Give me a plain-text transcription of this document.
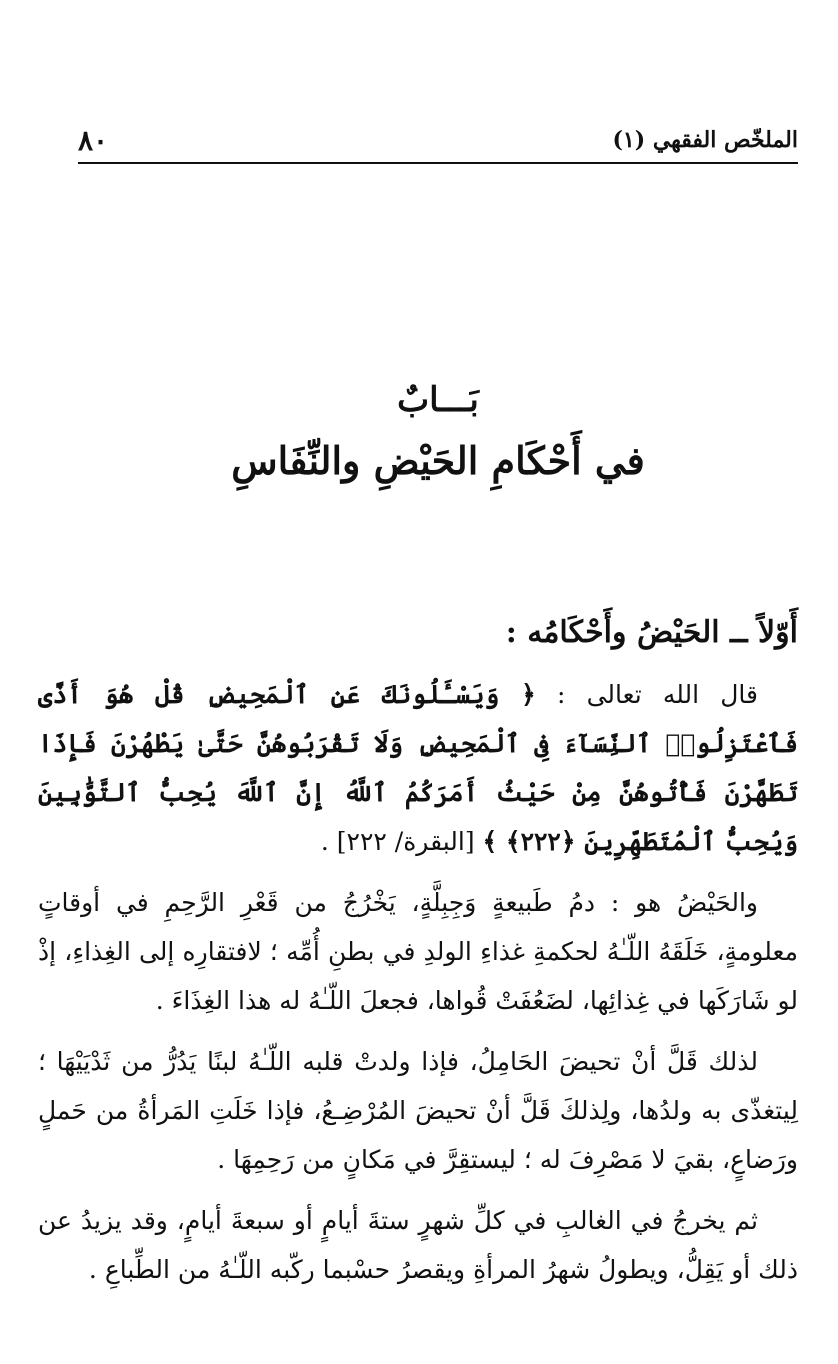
الملخّص الفقهي (١)
٨٠
بَـــابٌ
في أَحْكَامِ الحَيْضِ والنِّفَاسِ
أَوّلاً ــ الحَيْضُ وأَحْكَامُه :

قال الله تعالى : ﴿ وَيَسْـَٔلُونَكَ عَنِ ٱلْمَحِيضِ قُلْ هُوَ أَذًى فَٱعْتَزِلُوا۟ ٱلنِّسَآءَ فِى ٱلْمَحِيضِ وَلَا تَقْرَبُوهُنَّ حَتَّىٰ يَطْهُرْنَ فَإِذَا تَطَهَّرْنَ فَأْتُوهُنَّ مِنْ حَيْثُ أَمَرَكُمُ ٱللَّهُ إِنَّ ٱللَّهَ يُحِبُّ ٱلتَّوَّٰبِينَ وَيُحِبُّ ٱلْمُتَطَهِّرِينَ ﴿٢٢٢﴾ ﴾ [البقرة/ ٢٢٢] .

والحَيْضُ هو : دمُ طَبيعةٍ وَجِبِلَّةٍ، يَخْرُجُ من قَعْرِ الرَّحِمِ في أوقاتٍ معلومةٍ، خَلَقَهُ اللّـٰهُ لحكمةِ غذاءِ الولدِ في بطنِ أُمِّه ؛ لافتقارِه إلى الغِذاءِ، إذْ لو شَارَكَها في غِذائِها، لضَعُفَتْ قُواها، فجعلَ اللّـٰهُ له هذا الغِذَاءَ .

لذلك قَلَّ أنْ تحيضَ الحَامِلُ، فإذا ولدتْ قلبه اللّـٰهُ لبنًا يَدُرُّ من ثَدْيَيْهَا ؛ لِيتغذّى به ولدُها، ولِذلكَ قَلَّ أنْ تحيضَ المُرْضِـعُ، فإذا خَلَتِ المَرأةُ من حَملٍ ورَضاعٍ، بقيَ لا مَصْرِفَ له ؛ ليستقِرَّ في مَكانٍ من رَحِمِهَا .

ثم يخرجُ في الغالبِ في كلِّ شهرٍ ستةَ أيامٍ أو سبعةَ أيامٍ، وقد يزيدُ عن ذلك أو يَقِلُّ، ويطولُ شهرُ المرأةِ ويقصرُ حسْبما ركّبه اللّـٰهُ من الطِّباعِ .
